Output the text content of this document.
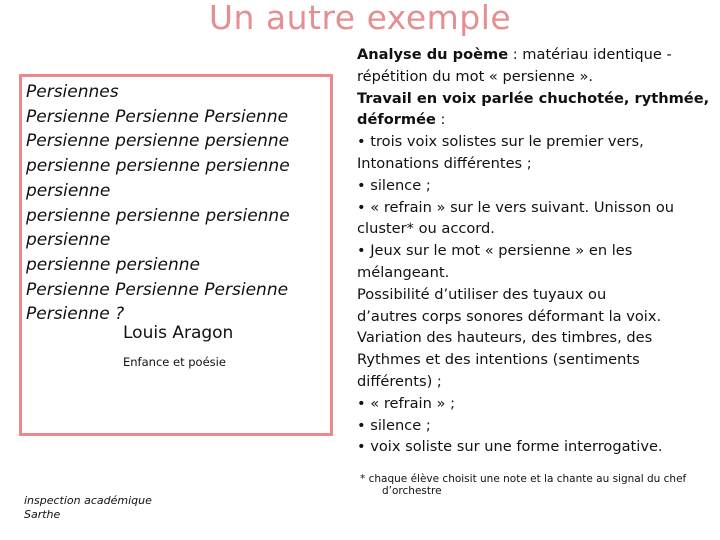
Un autre exemple
Persiennes
Persienne Persienne Persienne
Persienne persienne persienne
persienne persienne persienne
persienne
persienne persienne persienne
persienne
persienne persienne
Persienne Persienne Persienne
Persienne ?
Louis Aragon
Enfance et poésie
Analyse du poème : matériau identique -
répétition du mot « persienne ».
Travail en voix parlée chuchotée, rythmée,
déformée :
• trois voix solistes sur le premier vers,
Intonations différentes ;
• silence ;
• « refrain » sur le vers suivant. Unisson ou
cluster* ou accord.
• Jeux sur le mot « persienne » en les
mélangeant.
Possibilité d’utiliser des tuyaux ou
d’autres corps sonores déformant la voix.
Variation des hauteurs, des timbres, des
Rythmes et des intentions (sentiments
différents) ;
• « refrain » ;
• silence ;
• voix soliste sur une forme interrogative.
* chaque élève choisit une note et la chante au signal du chef
d’orchestre
inspection académique
Sarthe
